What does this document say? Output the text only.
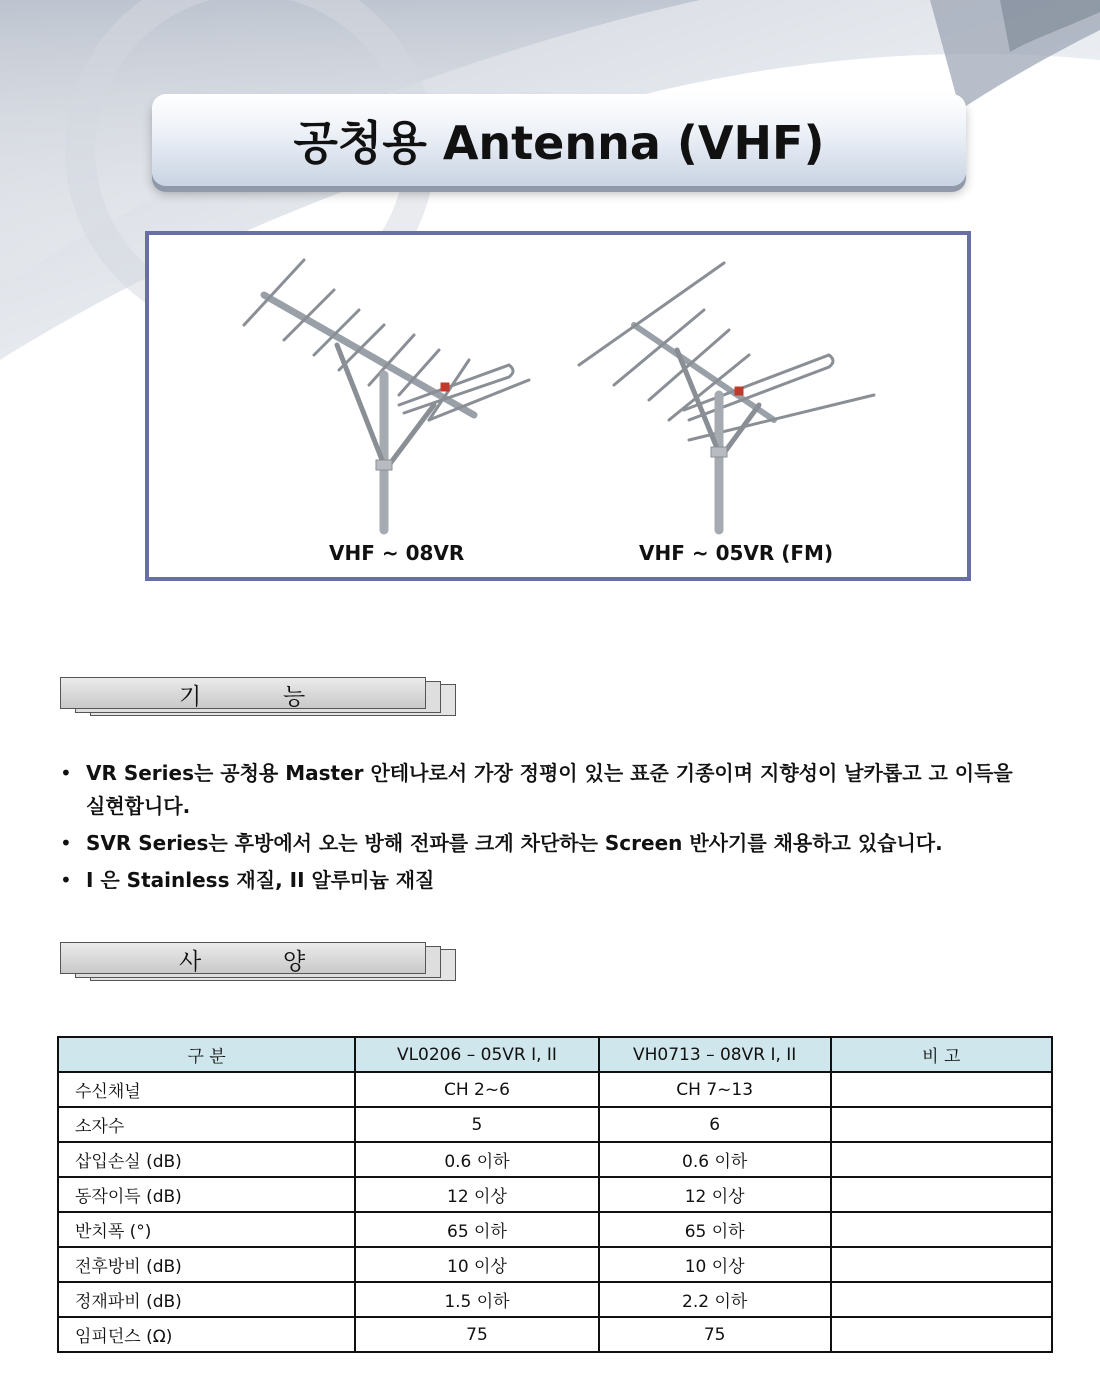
공청용 Antenna (VHF)
VHF ~ 08VR	VHF ~ 05VR (FM)
기	능
• VR Series는 공청용 Master 안테나로서 가장 정평이 있는 표준 기종이며 지향성이 날카롭고 고 이득을 실현합니다.
• SVR Series는 후방에서 오는 방해 전파를 크게 차단하는 Screen 반사기를 채용하고 있습니다.
• I 은 Stainless 재질, II 알루미늄 재질
사	양
구 분	VL0206 – 05VR I, II	VH0713 – 08VR I, II	비 고
수신채널	CH 2~6	CH 7~13	
소자수	5	6	
삽입손실 (dB)	0.6 이하	0.6 이하	
동작이득 (dB)	12 이상	12 이상	
반치폭 (°)	65 이하	65 이하	
전후방비 (dB)	10 이상	10 이상	
정재파비 (dB)	1.5 이하	2.2 이하	
임피던스 (Ω)	75	75	
